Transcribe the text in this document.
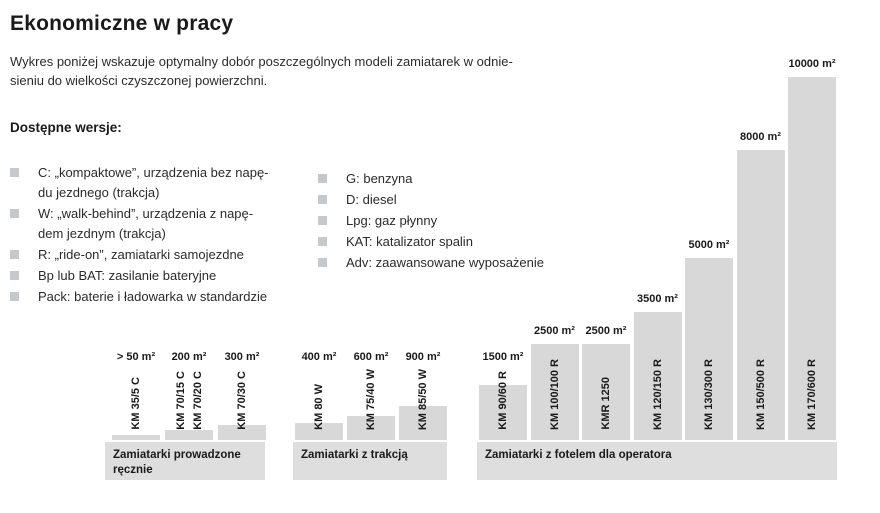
Ekonomiczne w pracy

Wykres poniżej wskazuje optymalny dobór poszczególnych modeli zamiatarek w odnie-
sieniu do wielkości czyszczonej powierzchni.

Dostępne wersje:
C: „kompaktowe”, urządzenia bez napę-
du jezdnego (trakcja)
W: „walk-behind”, urządzenia z napę-
dem jezdnym (trakcja)
R: „ride-on”, zamiatarki samojezdne
Bp lub BAT: zasilanie bateryjne
Pack: baterie i ładowarka w standardzie
G: benzyna
D: diesel
Lpg: gaz płynny
KAT: katalizator spalin
Adv: zaawansowane wyposażenie
Zamiatarki prowadzone
ręcznie
KM 35/5 C
> 50 m²
KM 70/15 C KM 70/20 C
200 m²
KM 70/30 C
300 m²
Zamiatarki z trakcją
KM 80 W
400 m²
KM 75/40 W
600 m²
KM 85/50 W
900 m²
Zamiatarki z fotelem dla operatora
KM 90/60 R
1500 m²
KM 100/100 R
2500 m²
KMR 1250
2500 m²
KM 120/150 R
3500 m²
KM 130/300 R
5000 m²
KM 150/500 R
8000 m²
KM 170/600 R
10000 m²
